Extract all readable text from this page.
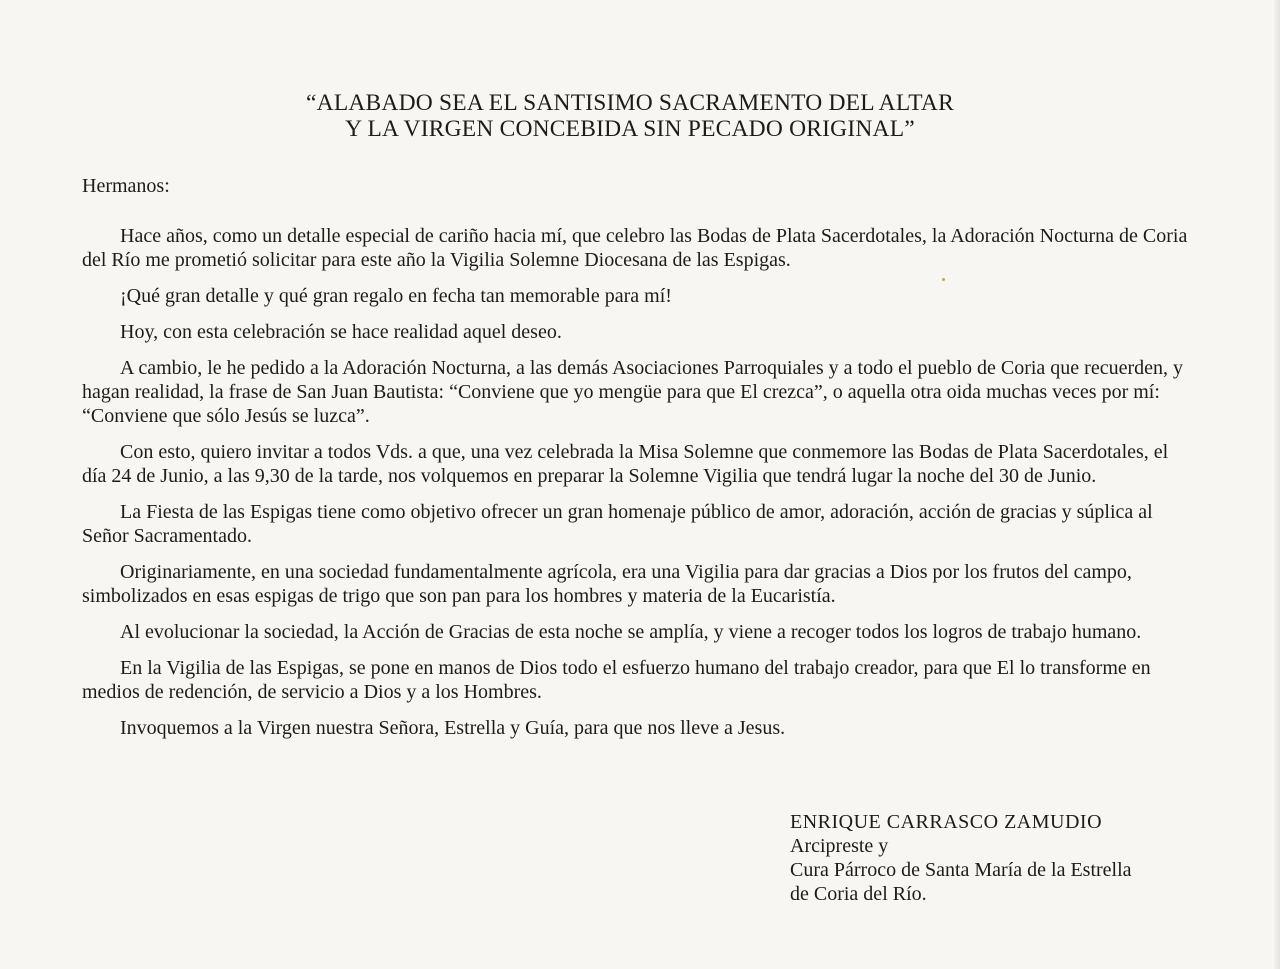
“ALABADO SEA EL SANTISIMO SACRAMENTO DEL ALTAR
Y LA VIRGEN CONCEBIDA SIN PECADO ORIGINAL”

Hermanos:

Hace años, como un detalle especial de cariño hacia mí, que celebro las Bodas de Plata Sacerdotales, la Adoración Nocturna de Coria del Río me prometió solicitar para este año la Vigilia Solemne Diocesana de las Espigas.

¡Qué gran detalle y qué gran regalo en fecha tan memorable para mí!

Hoy, con esta celebración se hace realidad aquel deseo.

A cambio, le he pedido a la Adoración Nocturna, a las demás Asociaciones Parroquiales y a todo el pueblo de Coria que recuerden, y hagan realidad, la frase de San Juan Bautista: “Conviene que yo mengüe para que El crezca”, o aquella otra oida muchas veces por mí: “Conviene que sólo Jesús se luzca”.

Con esto, quiero invitar a todos Vds. a que, una vez celebrada la Misa Solemne que conmemore las Bodas de Plata Sacerdotales, el día 24 de Junio, a las 9,30 de la tarde, nos volquemos en preparar la Solemne Vigilia que tendrá lugar la noche del 30 de Junio.

La Fiesta de las Espigas tiene como objetivo ofrecer un gran homenaje público de amor, adoración, acción de gracias y súplica al Señor Sacramentado.

Originariamente, en una sociedad fundamentalmente agrícola, era una Vigilia para dar gracias a Dios por los frutos del campo, simbolizados en esas espigas de trigo que son pan para los hombres y materia de la Eucaristía.

Al evolucionar la sociedad, la Acción de Gracias de esta noche se amplía, y viene a recoger todos los logros de trabajo humano.

En la Vigilia de las Espigas, se pone en manos de Dios todo el esfuerzo humano del trabajo creador, para que El lo transforme en medios de redención, de servicio a Dios y a los Hombres.

Invoquemos a la Virgen nuestra Señora, Estrella y Guía, para que nos lleve a Jesus.

ENRIQUE CARRASCO ZAMUDIO
Arcipreste y
Cura Párroco de Santa María de la Estrella
de Coria del Río.
